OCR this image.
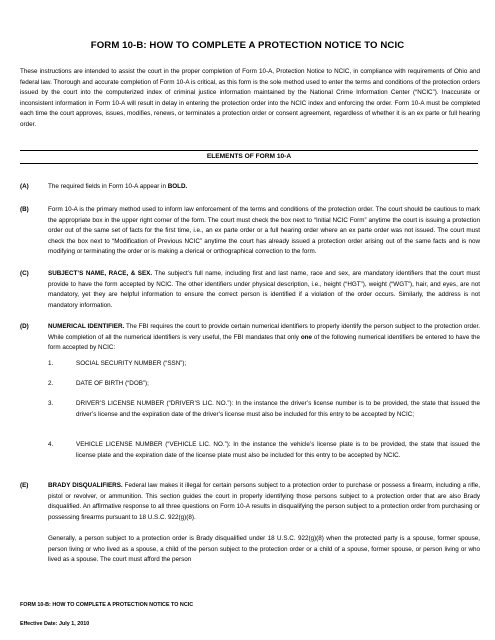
FORM 10-B: HOW TO COMPLETE A PROTECTION NOTICE TO NCIC
These instructions are intended to assist the court in the proper completion of Form 10-A, Protection Notice to NCIC, in compliance with requirements of Ohio and federal law. Thorough and accurate completion of Form 10-A is critical, as this form is the sole method used to enter the terms and conditions of the protection orders issued by the court into the computerized index of criminal justice information maintained by the National Crime Information Center (“NCIC”). Inaccurate or inconsistent information in Form 10-A will result in delay in entering the protection order into the NCIC index and enforcing the order. Form 10-A must be completed each time the court approves, issues, modifies, renews, or terminates a protection order or consent agreement, regardless of whether it is an ex parte or full hearing order.
ELEMENTS OF FORM 10-A
(A)	The required fields in Form 10-A appear in BOLD.
(B)	Form 10-A is the primary method used to inform law enforcement of the terms and conditions of the protection order. The court should be cautious to mark the appropriate box in the upper right corner of the form. The court must check the box next to “Initial NCIC Form” anytime the court is issuing a protection order out of the same set of facts for the first time, i.e., an ex parte order or a full hearing order where an ex parte order was not issued. The court must check the box next to “Modification of Previous NCIC” anytime the court has already issued a protection order arising out of the same facts and is now modifying or terminating the order or is making a clerical or orthographical correction to the form.
(C)	SUBJECT’S NAME, RACE, & SEX. The subject’s full name, including first and last name, race and sex, are mandatory identifiers that the court must provide to have the form accepted by NCIC. The other identifiers under physical description, i.e., height (“HGT”), weight (“WGT”), hair, and eyes, are not mandatory, yet they are helpful information to ensure the correct person is identified if a violation of the order occurs. Similarly, the address is not mandatory information.
(D)	NUMERICAL IDENTIFIER. The FBI requires the court to provide certain numerical identifiers to properly identify the person subject to the protection order. While completion of all the numerical identifiers is very useful, the FBI mandates that only one of the following numerical identifiers be entered to have the form accepted by NCIC:
1.	SOCIAL SECURITY NUMBER (“SSN”);
2.	DATE OF BIRTH (“DOB”);
3.	DRIVER’S LICENSE NUMBER (“DRIVER’S LIC. NO.”): In the instance the driver’s license number is to be provided, the state that issued the driver’s license and the expiration date of the driver’s license must also be included for this entry to be accepted by NCIC;
4.	VEHICLE LICENSE NUMBER (“VEHICLE LIC. NO.”): In the instance the vehicle’s license plate is to be provided, the state that issued the license plate and the expiration date of the license plate must also be included for this entry to be accepted by NCIC.
(E)	BRADY DISQUALIFIERS. Federal law makes it illegal for certain persons subject to a protection order to purchase or possess a firearm, including a rifle, pistol or revolver, or ammunition. This section guides the court in properly identifying those persons subject to a protection order that are also Brady disqualified. An affirmative response to all three questions on Form 10-A results in disqualifying the person subject to a protection order from purchasing or possessing firearms pursuant to 18 U.S.C. 922(g)(8).
Generally, a person subject to a protection order is Brady disqualified under 18 U.S.C. 922(g)(8) when the protected party is a spouse, former spouse, person living or who lived as a spouse, a child of the person subject to the protection order or a child of a spouse, former spouse, or person living or who lived as a spouse. The court must afford the person
FORM 10-B: HOW TO COMPLETE A PROTECTION NOTICE TO NCIC
Effective Date: July 1, 2010
